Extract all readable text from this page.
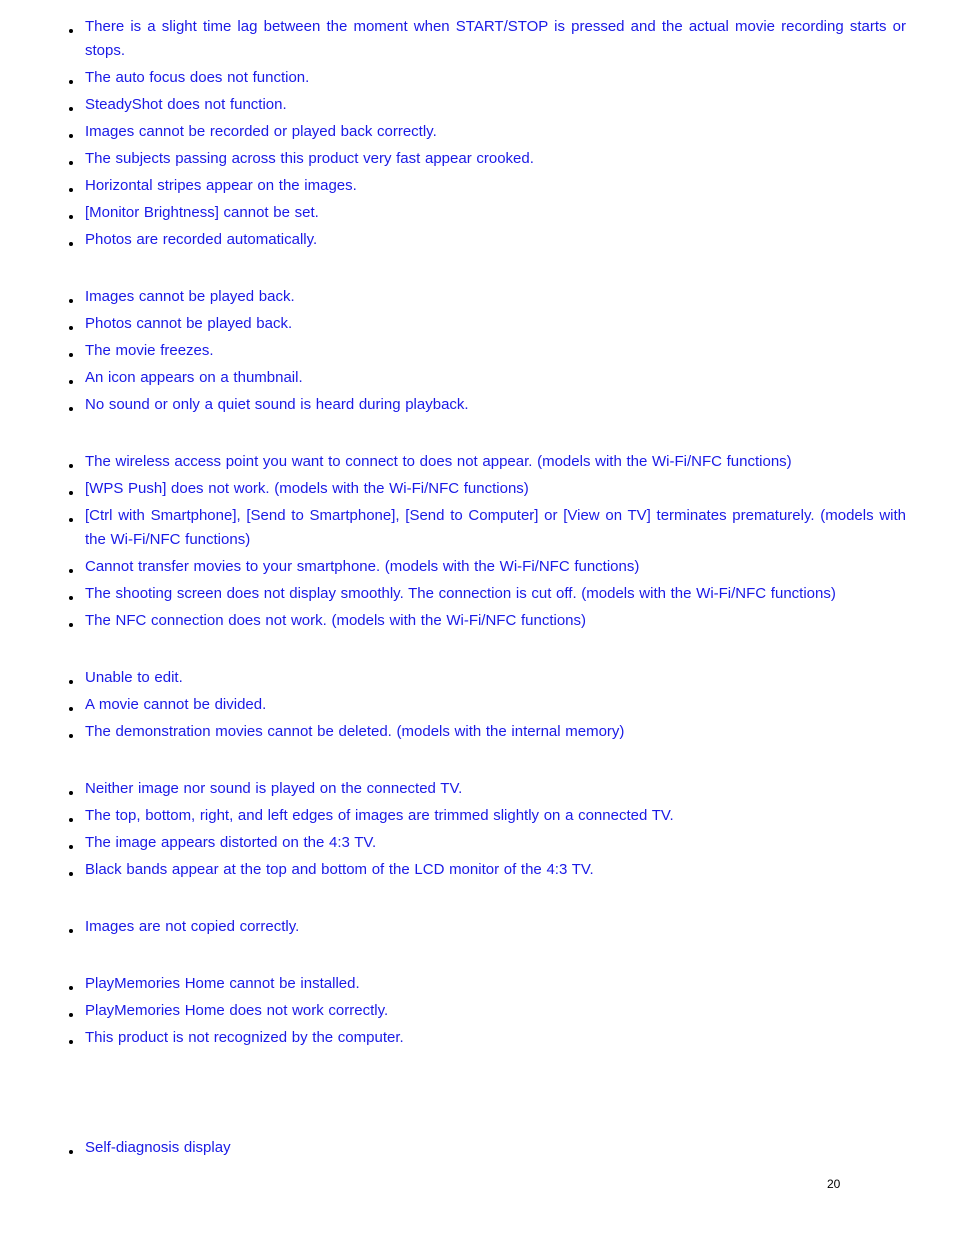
There is a slight time lag between the moment when START/STOP is pressed and the actual movie recording starts or stops.
The auto focus does not function.
SteadyShot does not function.
Images cannot be recorded or played back correctly.
The subjects passing across this product very fast appear crooked.
Horizontal stripes appear on the images.
[Monitor Brightness] cannot be set.
Photos are recorded automatically.
Images cannot be played back.
Photos cannot be played back.
The movie freezes.
An icon appears on a thumbnail.
No sound or only a quiet sound is heard during playback.
The wireless access point you want to connect to does not appear. (models with the Wi-Fi/NFC functions)
[WPS Push] does not work. (models with the Wi-Fi/NFC functions)
[Ctrl with Smartphone], [Send to Smartphone], [Send to Computer] or [View on TV] terminates prematurely. (models with the Wi-Fi/NFC functions)
Cannot transfer movies to your smartphone. (models with the Wi-Fi/NFC functions)
The shooting screen does not display smoothly. The connection is cut off. (models with the Wi-Fi/NFC functions)
The NFC connection does not work. (models with the Wi-Fi/NFC functions)
Unable to edit.
A movie cannot be divided.
The demonstration movies cannot be deleted. (models with the internal memory)
Neither image nor sound is played on the connected TV.
The top, bottom, right, and left edges of images are trimmed slightly on a connected TV.
The image appears distorted on the 4:3 TV.
Black bands appear at the top and bottom of the LCD monitor of the 4:3 TV.
Images are not copied correctly.
PlayMemories Home cannot be installed.
PlayMemories Home does not work correctly.
This product is not recognized by the computer.
Self-diagnosis display
20
